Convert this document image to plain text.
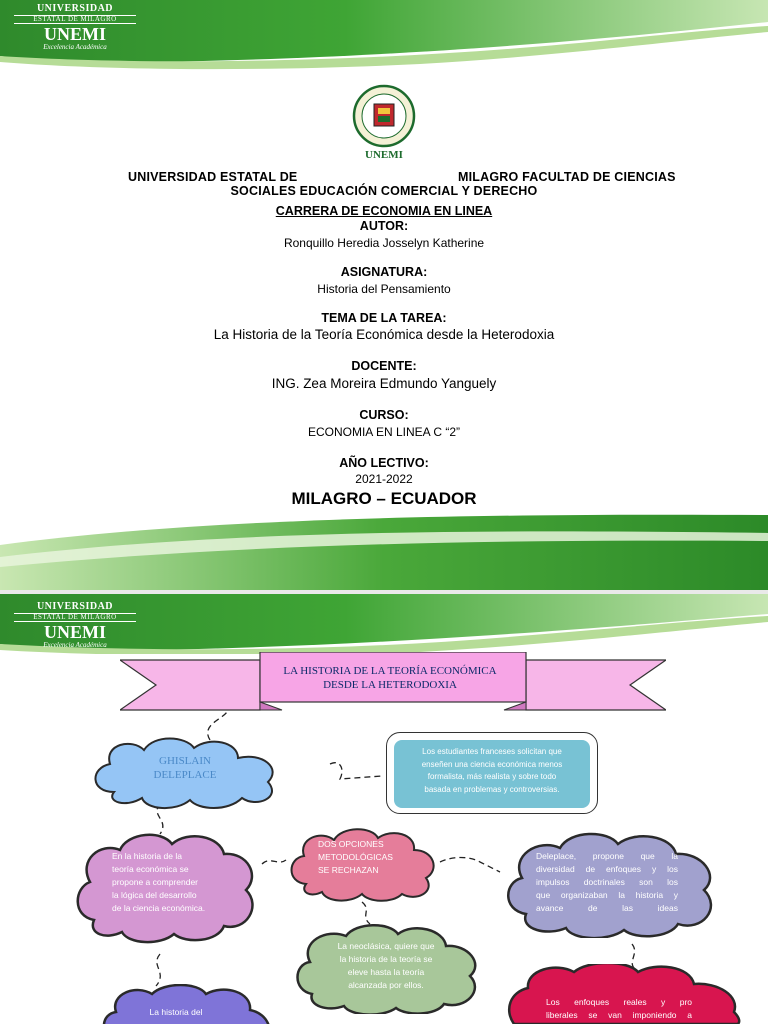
UNIVERSIDAD
ESTATAL DE MILAGRO
UNEMI
Excelencia Académica
UNEMI
UNIVERSIDAD ESTATAL DE	MILAGRO FACULTAD DE CIENCIAS
SOCIALES EDUCACIÓN COMERCIAL Y DERECHO
CARRERA DE ECONOMIA EN LINEA
AUTOR:
Ronquillo Heredia Josselyn Katherine
ASIGNATURA:
Historia del Pensamiento
TEMA DE LA TAREA:
La Historia de la Teoría Económica desde la Heterodoxia
DOCENTE:
ING. Zea Moreira Edmundo Yanguely
CURSO:
ECONOMIA EN LINEA C “2”
AÑO LECTIVO:
2021-2022
MILAGRO – ECUADOR
UNIVERSIDAD
ESTATAL DE MILAGRO
UNEMI
Excelencia Académica
LA HISTORIA DE LA TEORÍA ECONÓMICA
DESDE LA HETERODOXIA
GHISLAIN
DELEPLACE
Los estudiantes franceses solicitan que
enseñen una ciencia económica menos
formalista, más realista y sobre todo
basada en problemas y controversias.
En la historia de la
teoría económica se
propone a comprender
la lógica del desarrollo
de la ciencia económica.
DOS OPCIONES
METODOLÓGICAS
SE RECHAZAN
Deleplace, propone que la
diversidad de enfoques y los
impulsos doctrinales son los
que organizaban la historia y
avance de las ideas
La neoclásica, quiere que
la historia de la teoría se
eleve hasta la teoría
alcanzada por ellos.
La historia del
Los enfoques reales y pro
liberales se van imponiendo a
